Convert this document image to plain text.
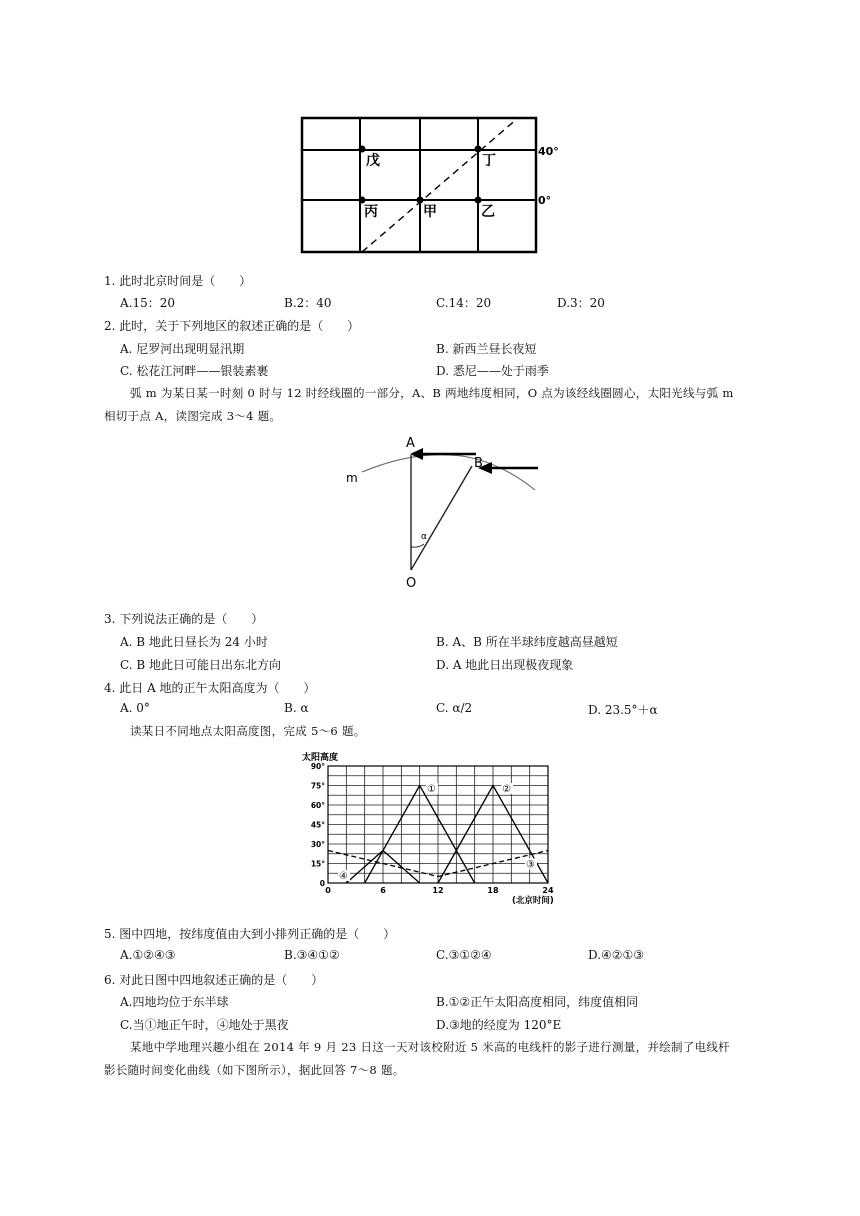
戊	丁
丙	甲	乙
40°
0°
1. 此时北京时间是（　　）
A.15：20	B.2：40	C.14：20	D.3：20
2. 此时，关于下列地区的叙述正确的是（　　）
A. 尼罗河出现明显汛期	B. 新西兰昼长夜短
C. 松花江河畔——银装素裹	D. 悉尼——处于雨季
弧 m 为某日某一时刻 0 时与 12 时经线圈的一部分，A、B 两地纬度相同，O 点为该经线圈圆心，太阳光线与弧 m
相切于点 A，读图完成 3～4 题。
A
B
m
α
O
3. 下列说法正确的是（　　）
A. B 地此日昼长为 24 小时	B. A、B 所在半球纬度越高昼越短
C. B 地此日可能日出东北方向	D. A 地此日出现极夜现象
4. 此日 A 地的正午太阳高度为（　　）
A. 0°	B. α	C. α/2	D. 23.5°＋α
读某日不同地点太阳高度图，完成 5～6 题。
太阳高度
(北京时间)
0	6	12	18	24
0
15°
30°
45°
60°
75°
90°
①	②
③
④
5. 图中四地，按纬度值由大到小排列正确的是（　　）
A.①②④③	B.③④①②	C.③①②④	D.④②①③
6. 对此日图中四地叙述正确的是（　　）
A.四地均位于东半球	B.①②正午太阳高度相同，纬度值相同
C.当①地正午时，④地处于黑夜	D.③地的经度为 120°E
某地中学地理兴趣小组在 2014 年 9 月 23 日这一天对该校附近 5 米高的电线杆的影子进行测量，并绘制了电线杆
影长随时间变化曲线（如下图所示），据此回答 7～8 题。
